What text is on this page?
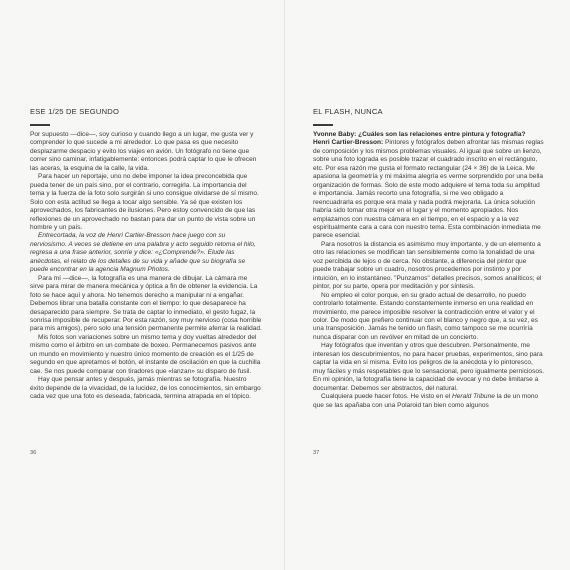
ESE 1/25 DE SEGUNDO

Por supuesto —dice—, soy curioso y cuando llego a un lugar, me gusta ver y comprender lo que sucede a mi alrededor. Lo que pasa es que necesito desplazarme despacio y evito los viajes en avión. Un fotógrafo no tiene que correr sino caminar, infatigablemente: entonces podrá captar lo que le ofrecen las aceras, la esquina de la calle, la vida.

Para hacer un reportaje, uno no debe imponer la idea preconcebida que pueda tener de un país sino, por el contrario, corregirla. La importancia del tema y la fuerza de la foto solo surgirán si uno consigue olvidarse de sí mismo. Solo con esta actitud se llega a tocar algo sensible. Ya sé que existen los aprovechados, los fabricantes de ilusiones. Pero estoy convencido de que las reflexiones de un aprovechado no bastan para dar un punto de vista sobre un hombre y un país.

Entrecortada, la voz de Henri Cartier-Bresson hace juego con su nerviosismo. A veces se detiene en una palabra y acto seguido retoma el hilo, regresa a una frase anterior, sonríe y dice: «¿Comprende?». Elude las anécdotas, el relato de los detalles de su vida y añade que su biografía se puede encontrar en la agencia Magnum Photos.

Para mí —dice—, la fotografía es una manera de dibujar. La cámara me sirve para mirar de manera mecánica y óptica a fin de obtener la evidencia. La foto se hace aquí y ahora. No tenemos derecho a manipular ni a engañar. Debemos librar una batalla constante con el tiempo: lo que desaparece ha desaparecido para siempre. Se trata de captar lo inmediato, el gesto fugaz, la sonrisa imposible de recuperar. Por esta razón, soy muy nervioso (cosa horrible para mis amigos), pero solo una tensión permanente permite aferrar la realidad.

Mis fotos son variaciones sobre un mismo tema y doy vueltas alrededor del mismo como el árbitro en un combate de boxeo. Permanecemos pasivos ante un mundo en movimiento y nuestro único momento de creación es el 1/25 de segundo en que apretamos el botón, el instante de oscilación en que la cuchilla cae. Se nos puede comparar con tiradores que «lanzan» su disparo de fusil.

Hay que pensar antes y después, jamás mientras se fotografía. Nuestro éxito depende de la vivacidad, de la lucidez, de los conocimientos, sin embargo cada vez que una foto es deseada, fabricada, termina atrapada en el tópico.

36
EL FLASH, NUNCA

Yvonne Baby: ¿Cuáles son las relaciones entre pintura y fotografía?

Henri Cartier-Bresson: Pintores y fotógrafos deben afrontar las mismas reglas de composición y los mismos problemas visuales. Al igual que sobre un lienzo, sobre una foto lograda es posible trazar el cuadrado inscrito en el rectángulo, etc. Por esa razón me gusta el formato rectangular (24 × 36) de la Leica. Me apasiona la geometría y mi máxima alegría es verme sorprendido por una bella organización de formas. Solo de este modo adquiere el tema toda su amplitud e importancia. Jamás recorto una fotografía, si me veo obligado a reencuadrarla es porque era mala y nada podrá mejorarla. La única solución habría sido tomar otra mejor en el lugar y el momento apropiados. Nos emplazamos con nuestra cámara en el tiempo, en el espacio y a la vez espiritualmente cara a cara con nuestro tema. Esta combinación inmediata me parece esencial.

Para nosotros la distancia es asimismo muy importante, y de un elemento a otro las relaciones se modifican tan sensiblemente como la tonalidad de una voz percibida de lejos o de cerca. No obstante, a diferencia del pintor que puede trabajar sobre un cuadro, nosotros procedemos por instinto y por intuición, en lo instantáneo. "Punzamos" detalles precisos, somos analíticos; el pintor, por su parte, opera por meditación y por síntesis.

No empleo el color porque, en su grado actual de desarrollo, no puedo controlarlo totalmente. Estando constantemente inmerso en una realidad en movimiento, me parece imposible resolver la contradicción entre el valor y el color. De modo que prefiero continuar con el blanco y negro que, a su vez, es una transposición. Jamás he tenido un flash, como tampoco se me ocurriría nunca disparar con un revólver en mitad de un concierto.

Hay fotógrafos que inventan y otros que descubren. Personalmente, me interesan los descubrimientos, no para hacer pruebas, experimentos, sino para captar la vida en sí misma. Evito los peligros de la anécdota y lo pintoresco, muy fáciles y más respetables que lo sensacional, pero igualmente perniciosos. En mi opinión, la fotografía tiene la capacidad de evocar y no debe limitarse a documentar. Debemos ser abstractos, del natural.

Cualquiera puede hacer fotos. He visto en el Herald Tribune la de un mono que se las apañaba con una Polaroid tan bien como algunos

37
